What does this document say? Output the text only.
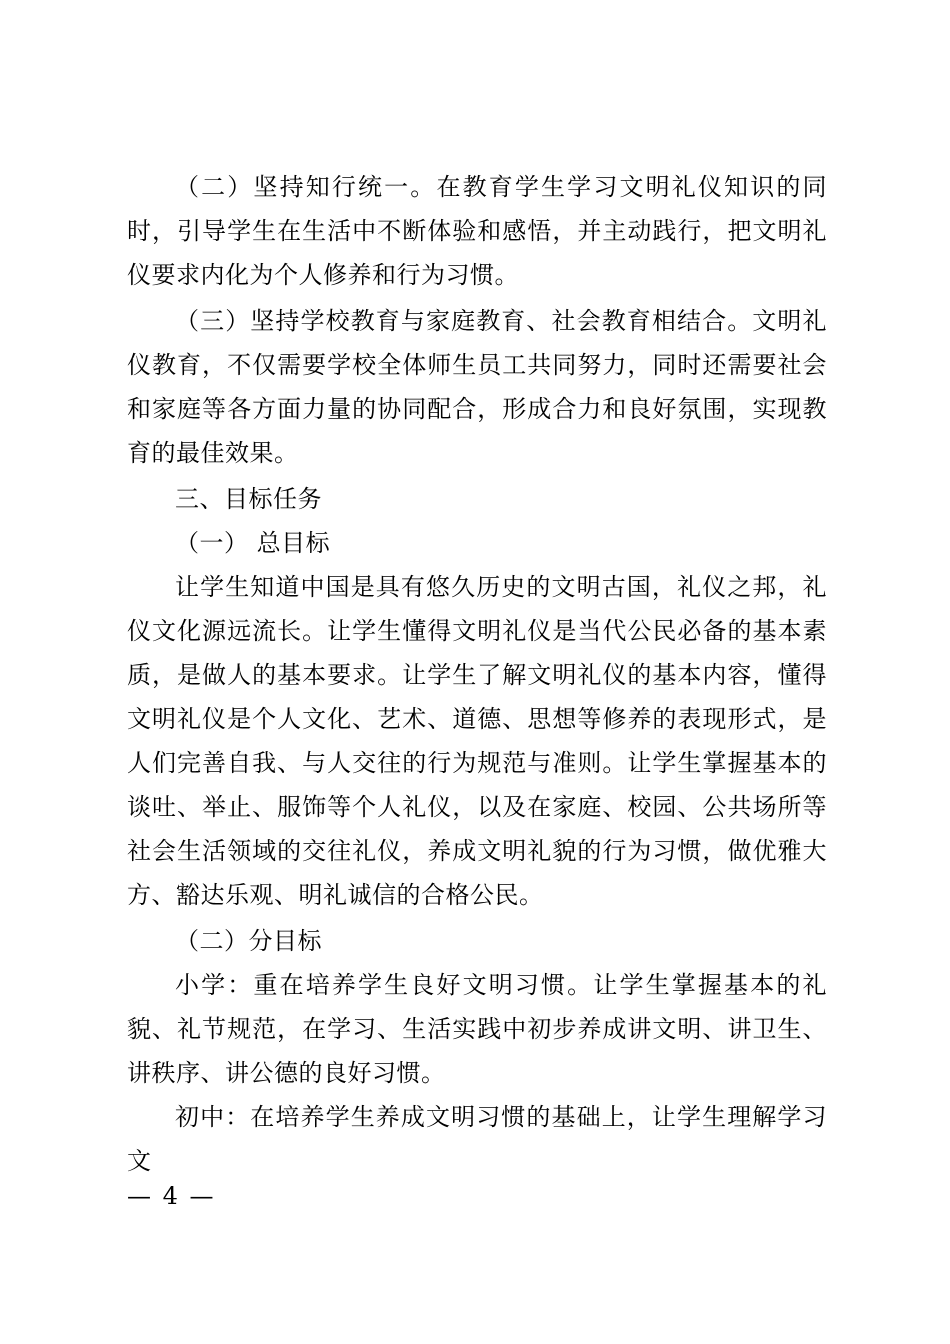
（二）坚持知行统一。在教育学生学习文明礼仪知识的同时，引导学生在生活中不断体验和感悟，并主动践行，把文明礼仪要求内化为个人修养和行为习惯。

（三）坚持学校教育与家庭教育、社会教育相结合。文明礼仪教育，不仅需要学校全体师生员工共同努力，同时还需要社会和家庭等各方面力量的协同配合，形成合力和良好氛围，实现教育的最佳效果。

三、目标任务

（一） 总目标

让学生知道中国是具有悠久历史的文明古国，礼仪之邦，礼仪文化源远流长。让学生懂得文明礼仪是当代公民必备的基本素质，是做人的基本要求。让学生了解文明礼仪的基本内容，懂得文明礼仪是个人文化、艺术、道德、思想等修养的表现形式，是人们完善自我、与人交往的行为规范与准则。让学生掌握基本的谈吐、举止、服饰等个人礼仪，以及在家庭、校园、公共场所等社会生活领域的交往礼仪，养成文明礼貌的行为习惯，做优雅大方、豁达乐观、明礼诚信的合格公民。

（二）分目标

小学：重在培养学生良好文明习惯。让学生掌握基本的礼貌、礼节规范，在学习、生活实践中初步养成讲文明、讲卫生、讲秩序、讲公德的良好习惯。

初中：在培养学生养成文明习惯的基础上，让学生理解学习文

— 4 —
